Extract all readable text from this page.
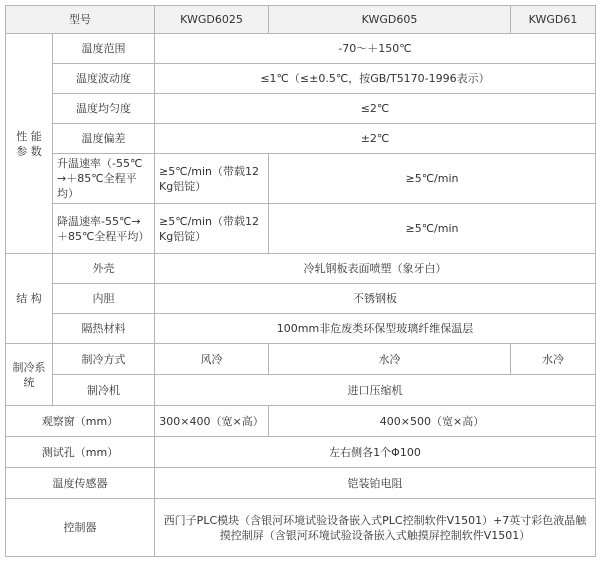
型号		KWGD6025	KWGD605	KWGD61
性 能
参 数	温度范围	-70～＋150℃		
	温度波动度	≤1℃（≤±0.5℃，按GB/T5170-1996表示）		
	温度均匀度	≤2℃		
	温度偏差	±2℃		
	升温速率（-55℃→＋85℃全程平均）	≥5℃/min（带载12Kg铝锭）	≥5℃/min	
	降温速率-55℃→＋85℃全程平均）	≥5℃/min（带载12Kg铝锭）	≥5℃/min	
结 构	外壳	冷轧钢板表面喷塑（象牙白）		
	内胆	不锈钢板		
	隔热材料	100mm非危废类环保型玻璃纤维保温层		
制冷系
统	制冷方式	风冷	水冷	水冷
	制冷机	进口压缩机		
观察窗（mm）		300×400（宽×高）	400×500（宽×高）	
测试孔（mm）		左右侧各1个Φ100		
温度传感器		铠装铂电阻		
控制器		西门子PLC模块（含银河环境试验设备嵌入式PLC控制软件V1501）+7英寸彩色液晶触摸控制屏（含银河环境试验设备嵌入式触摸屏控制软件V1501）		
